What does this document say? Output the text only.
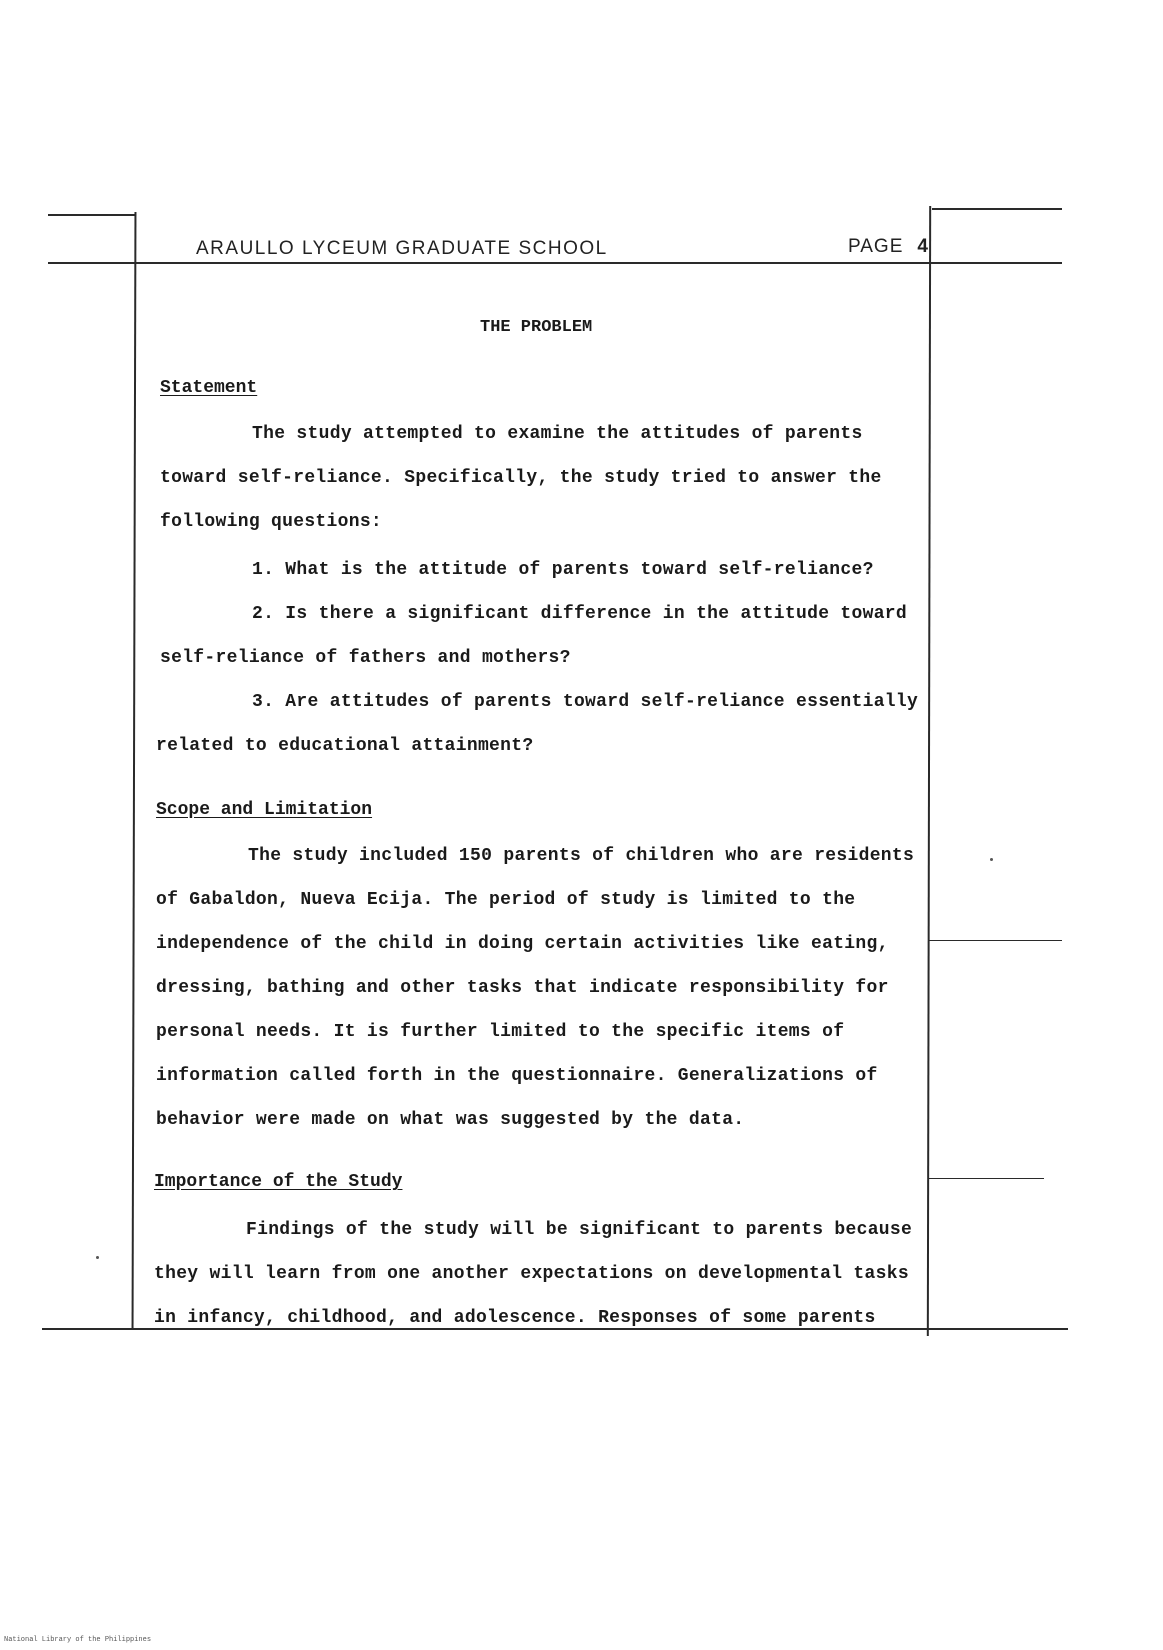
ARAULLO LYCEUM GRADUATE SCHOOL	PAGE 4
THE PROBLEM
Statement
The study attempted to examine the attitudes of parents
toward self-reliance. Specifically, the study tried to answer the
following questions:
1. What is the attitude of parents toward self-reliance?
2. Is there a significant difference in the attitude toward
self-reliance of fathers and mothers?
3. Are attitudes of parents toward self-reliance essentially
related to educational attainment?
Scope and Limitation
The study included 150 parents of children who are residents
of Gabaldon, Nueva Ecija. The period of study is limited to the
independence of the child in doing certain activities like eating,
dressing, bathing and other tasks that indicate responsibility for
personal needs. It is further limited to the specific items of
information called forth in the questionnaire. Generalizations of
behavior were made on what was suggested by the data.
Importance of the Study
Findings of the study will be significant to parents because
they will learn from one another expectations on developmental tasks
in infancy, childhood, and adolescence. Responses of some parents
National Library of the Philippines
